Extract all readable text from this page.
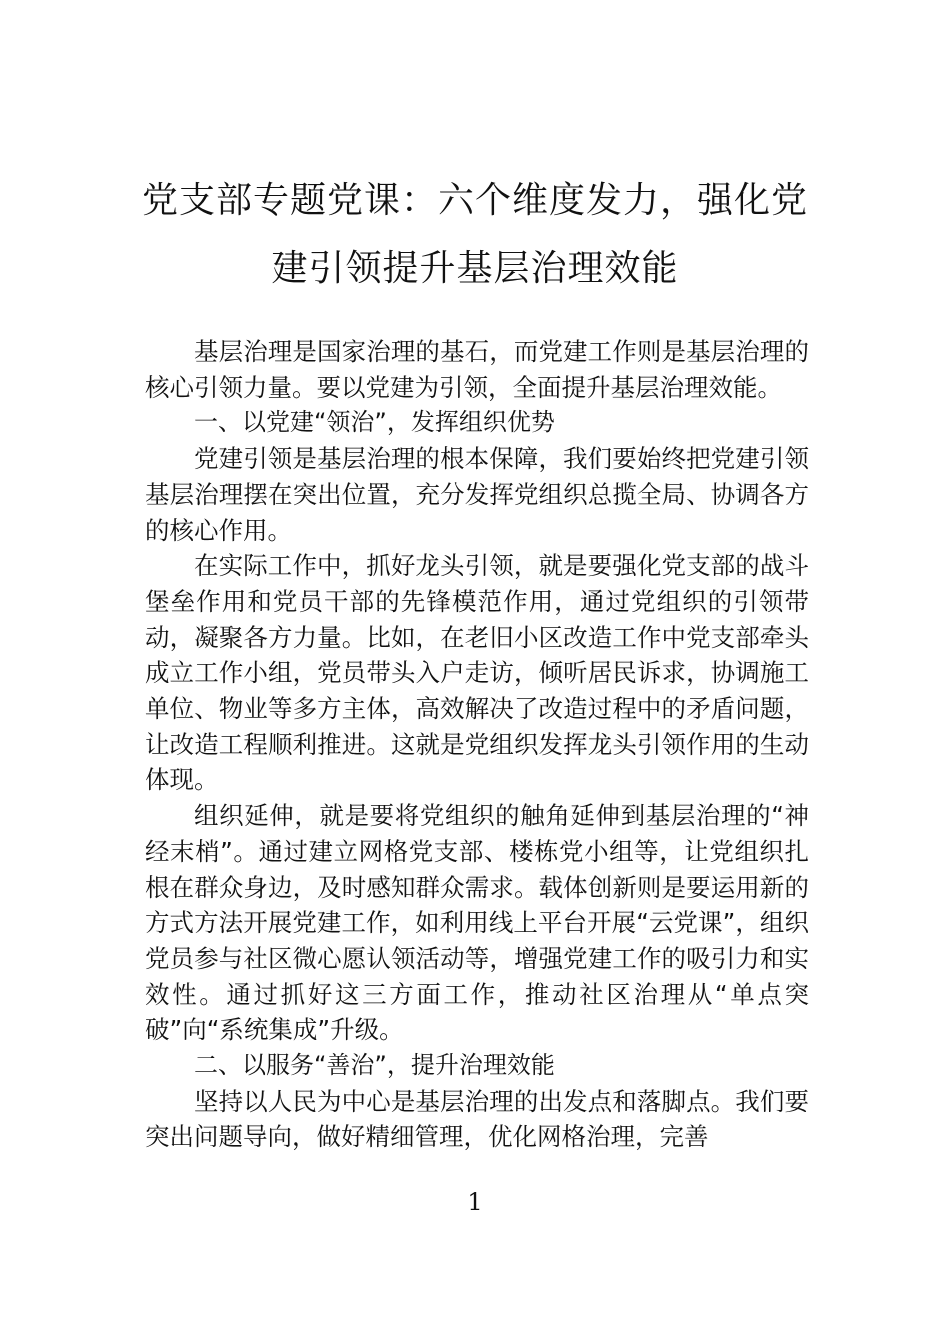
党支部专题党课：六个维度发力，强化党
建引领提升基层治理效能

基层治理是国家治理的基石，而党建工作则是基层治理的核心引领力量。要以党建为引领，全面提升基层治理效能。

一、以党建“领治”，发挥组织优势

党建引领是基层治理的根本保障，我们要始终把党建引领基层治理摆在突出位置，充分发挥党组织总揽全局、协调各方的核心作用。

在实际工作中，抓好龙头引领，就是要强化党支部的战斗堡垒作用和党员干部的先锋模范作用，通过党组织的引领带动，凝聚各方力量。比如，在老旧小区改造工作中党支部牵头成立工作小组，党员带头入户走访，倾听居民诉求，协调施工单位、物业等多方主体，高效解决了改造过程中的矛盾问题，让改造工程顺利推进。这就是党组织发挥龙头引领作用的生动体现。

组织延伸，就是要将党组织的触角延伸到基层治理的“神经末梢”。通过建立网格党支部、楼栋党小组等，让党组织扎根在群众身边，及时感知群众需求。载体创新则是要运用新的方式方法开展党建工作，如利用线上平台开展“云党课”，组织党员参与社区微心愿认领活动等，增强党建工作的吸引力和实效性。通过抓好这三方面工作，推动社区治理从“单点突破”向“系统集成”升级。

二、以服务“善治”，提升治理效能

坚持以人民为中心是基层治理的出发点和落脚点。我们要突出问题导向，做好精细管理，优化网格治理，完善

1
